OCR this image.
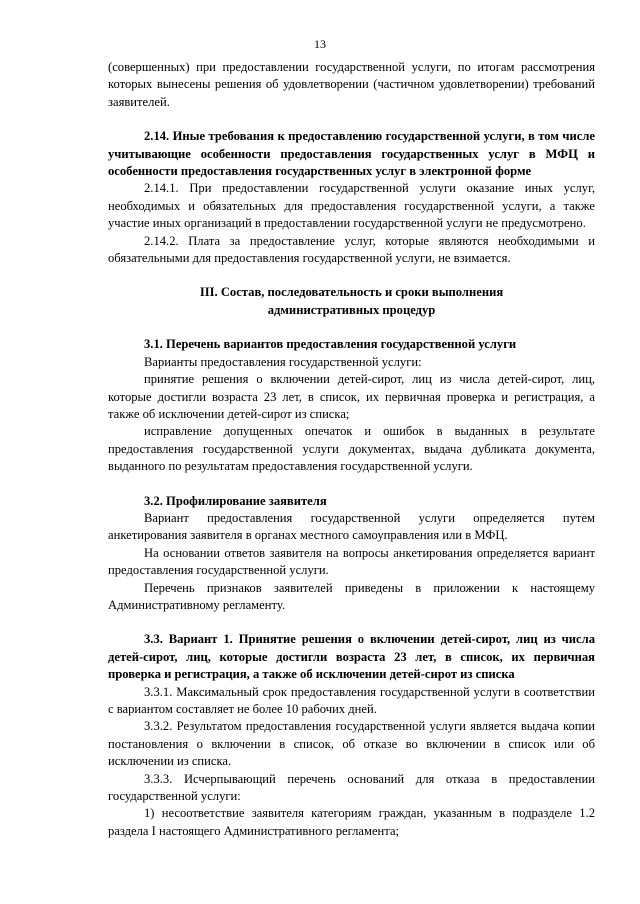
13

(совершенных) при предоставлении государственной услуги, по итогам рассмотрения которых вынесены решения об удовлетворении (частичном удовлетворении) требований заявителей.

2.14. Иные требования к предоставлению государственной услуги, в том числе учитывающие особенности предоставления государственных услуг в МФЦ и особенности предоставления государственных услуг в электронной форме

2.14.1. При предоставлении государственной услуги оказание иных услуг, необходимых и обязательных для предоставления государственной услуги, а также участие иных организаций в предоставлении государственной услуги не предусмотрено.

2.14.2. Плата за предоставление услуг, которые являются необходимыми и обязательными для предоставления государственной услуги, не взимается.

III. Состав, последовательность и сроки выполнения

административных процедур

3.1. Перечень вариантов предоставления государственной услуги

Варианты предоставления государственной услуги:

принятие решения о включении детей-сирот, лиц из числа детей-сирот, лиц, которые достигли возраста 23 лет, в список, их первичная проверка и регистрация, а также об исключении детей-сирот из списка;

исправление допущенных опечаток и ошибок в выданных в результате предоставления государственной услуги документах, выдача дубликата документа, выданного по результатам предоставления государственной услуги.

3.2. Профилирование заявителя

Вариант предоставления государственной услуги определяется путем анкетирования заявителя в органах местного самоуправления или в МФЦ.

На основании ответов заявителя на вопросы анкетирования определяется вариант предоставления государственной услуги.

Перечень признаков заявителей приведены в приложении к настоящему Административному регламенту.

3.3. Вариант 1. Принятие решения о включении детей-сирот, лиц из числа детей-сирот, лиц, которые достигли возраста 23 лет, в список, их первичная проверка и регистрация, а также об исключении детей-сирот из списка

3.3.1. Максимальный срок предоставления государственной услуги в соответствии с вариантом составляет не более 10 рабочих дней.

3.3.2. Результатом предоставления государственной услуги является выдача копии постановления о включении в список, об отказе во включении в список или об исключении из списка.

3.3.3. Исчерпывающий перечень оснований для отказа в предоставлении государственной услуги:

1) несоответствие заявителя категориям граждан, указанным в подразделе 1.2 раздела I настоящего Административного регламента;
